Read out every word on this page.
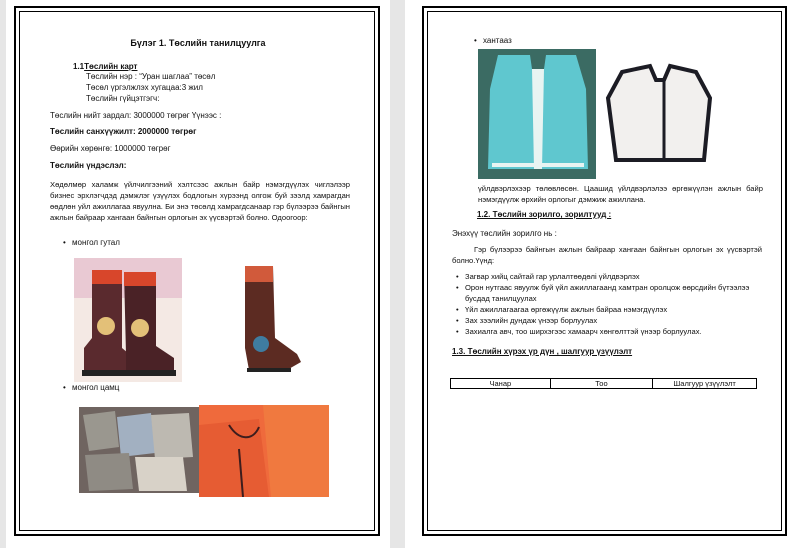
Бүлэг 1. Төслийн танилцуулга
1.1Төслийн карт
Төслийн нэр : “Уран шаглаа” төсөл
Төсөл үргэлжлэх хугацаа:3 жил
Төслийн гүйцэтгэгч:
Төслийн нийт зардал: 3000000 төгрөг Үүнээс :
Төслийн санхүүжилт: 2000000 төгрөг
Өөрийн хөрөнгө: 1000000 төгрөг
Төслийн үндэслэл:
Хөдөлмөр халамж үйлчилгээний хэлтсээс ажлын байр нэмэгдүүлэх чиглэлээр бизнес эрхлэгчдэд дэмжлэг үзүүлэх бодлогын хүрээнд олгож буй зээлд хамрагдан өөдлөн уйл ажиллагаа явуулна. Би энэ төсөлд хамрагдсанаар гэр бүлээрээ байнгын ажлын байраар хангаан байнгын орлогын эх үүсвэртэй болно. Одоогоор:
• монгол гутал
• монгол цамц
• хантааз
үйлдвэрлэхээр төлөвлөсөн. Цаашид үйлдвэрлэлээ өргөжүүлэн ажлын байр нэмэгдүүлж өрхийн орлогыг дэмжиж ажиллана.
1.2. Төслийн зорилго, зорилтууд :
Энэхүү төслийн зорилго нь :
Гэр бүлээрээ байнгын ажлын байраар хангаан байнгын орлогын эх үүсвэртэй болно.Үүнд:
• Загвар хийц сайтай гар урлалтөөдөлі үйлдвэрлэх
• Орон нутгаас явуулж буй үйл ажиллагаанд хамтран оролцож өөрсдийн бүтээлээ бусдад танилцуулах
• Үйл ажиллагаагаа өргөжүүлж ажлын байраа нэмэгдүүлэх
• Зах зээлийн дундаж үнээр борлуулах
• Захиалга авч, тоо ширхэгээс хамаарч хөнгөлттэй үнээр борлуулах.
1.3. Төслийн хүрэх үр дүн , шалгуур үзүүлэлт
Чанар	Тоо	Шалгуур үзүүлэлт
